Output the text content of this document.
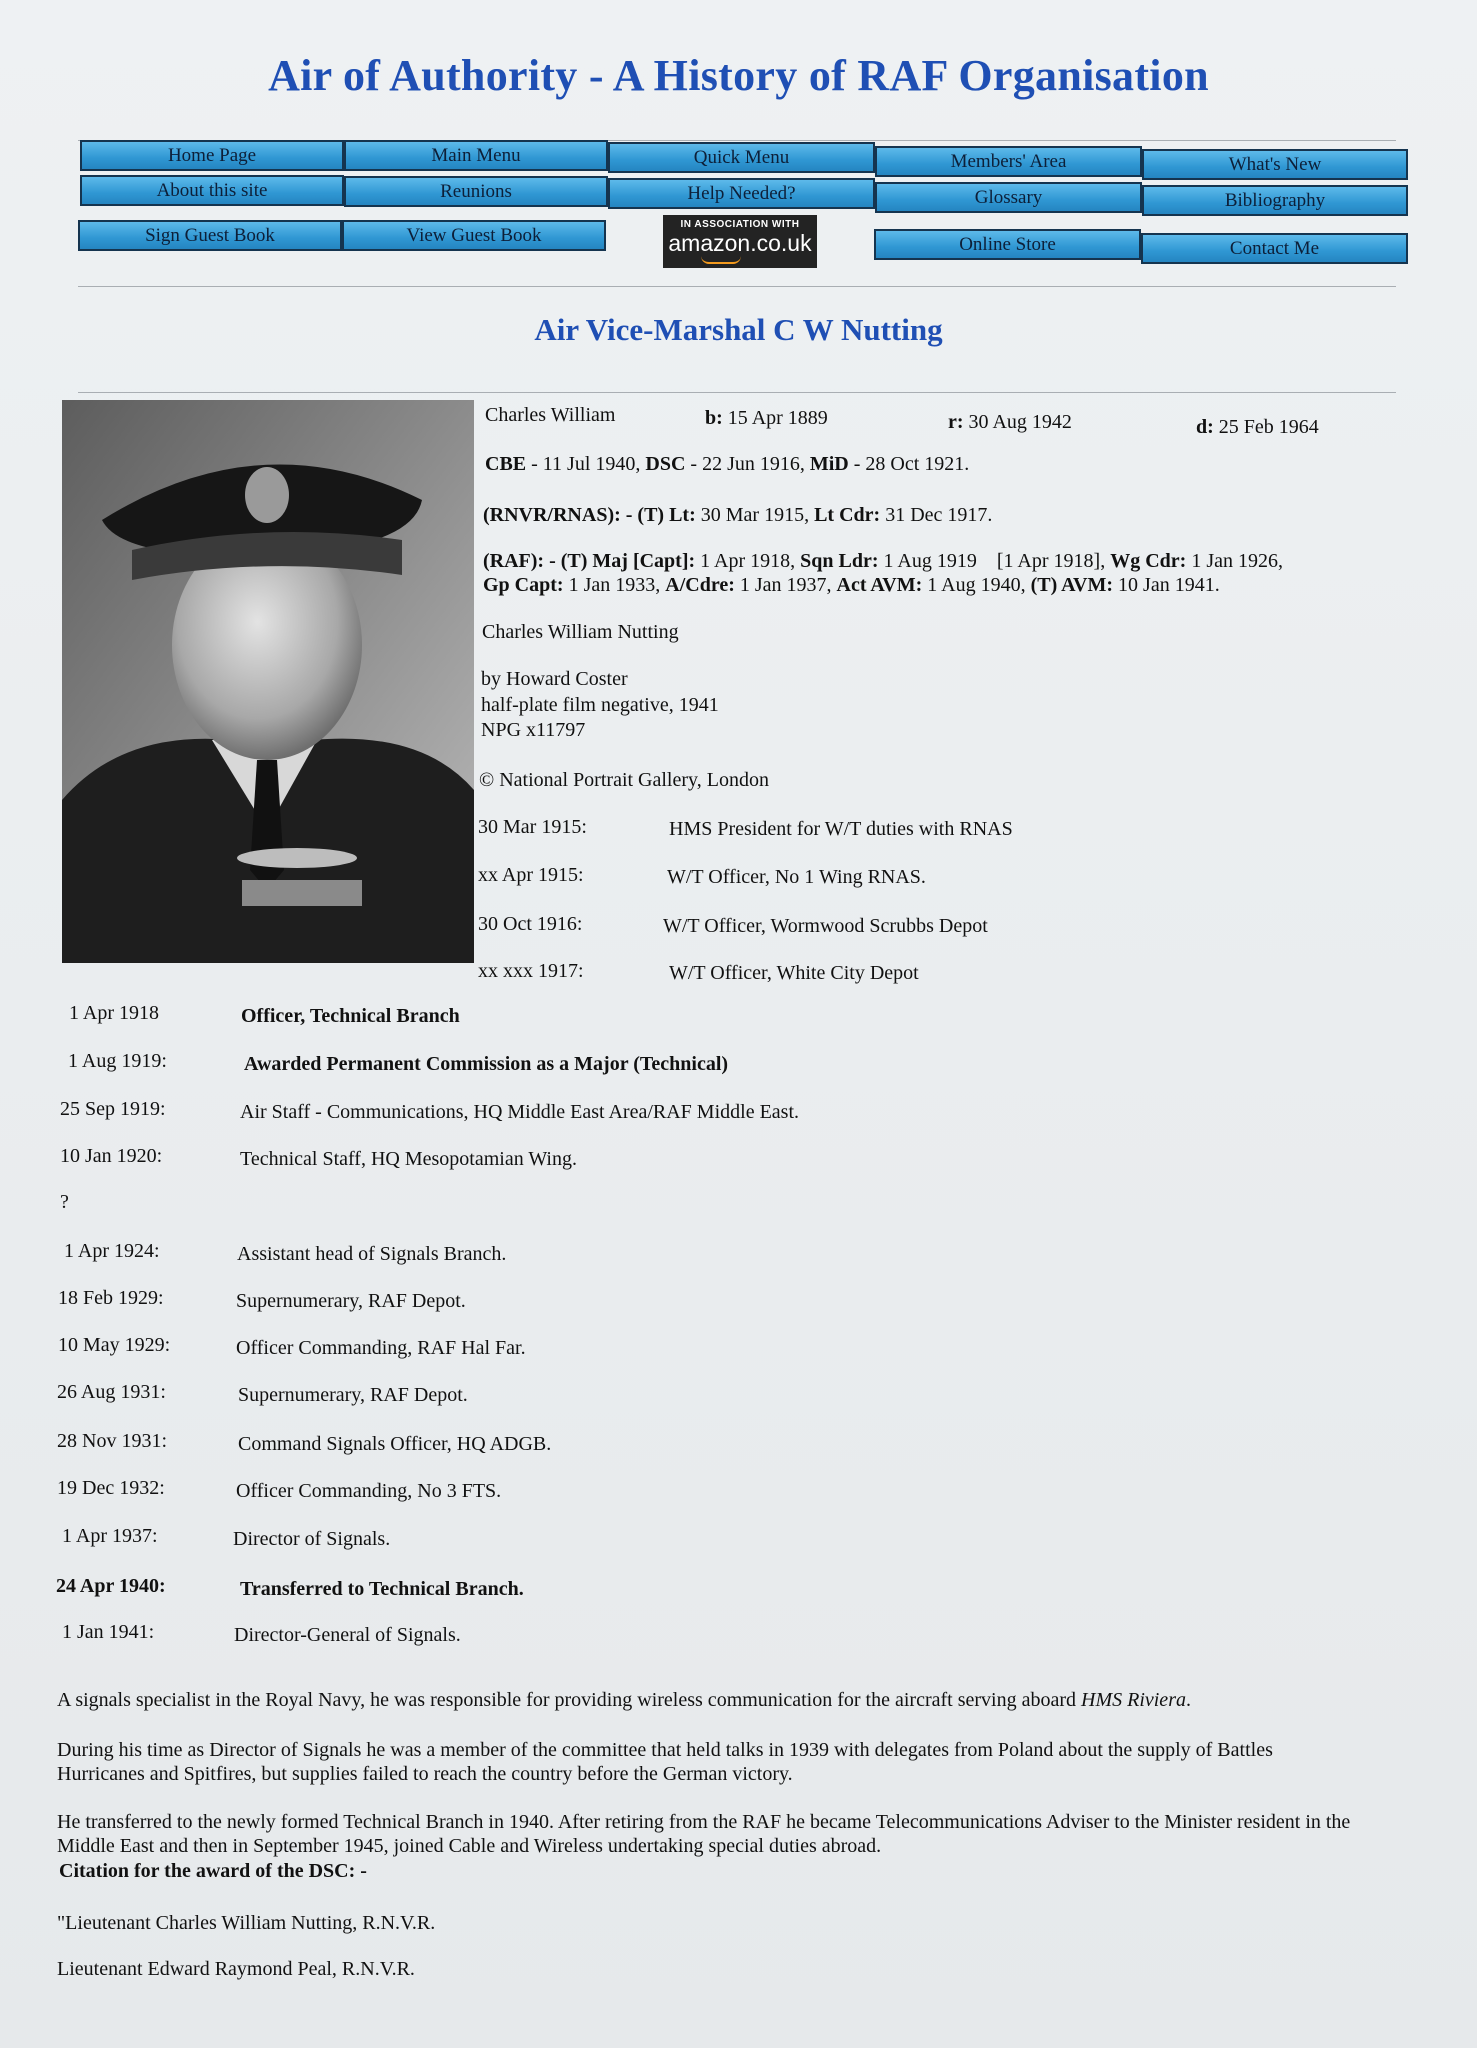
Air of Authority - A History of RAF Organisation
Home Page	Main Menu	Quick Menu	Members' Area	What's New
About this site	Reunions	Help Needed?	Glossary	Bibliography
Sign Guest Book	View Guest Book
IN ASSOCIATION WITH
amazon.co.uk	Online Store	Contact Me
Air Vice-Marshal C W Nutting
Charles William	b: 15 Apr 1889	r: 30 Aug 1942	d: 25 Feb 1964
CBE - 11 Jul 1940, DSC - 22 Jun 1916, MiD - 28 Oct 1921.
(RNVR/RNAS): - (T) Lt: 30 Mar 1915, Lt Cdr: 31 Dec 1917.
(RAF): - (T) Maj [Capt]: 1 Apr 1918, Sqn Ldr: 1 Aug 1919    [1 Apr 1918], Wg Cdr: 1 Jan 1926,
Gp Capt: 1 Jan 1933, A/Cdre: 1 Jan 1937, Act AVM: 1 Aug 1940, (T) AVM: 10 Jan 1941.
Charles William Nutting
by Howard Coster
half-plate film negative, 1941
NPG x11797
© National Portrait Gallery, London
30 Mar 1915:	HMS President for W/T duties with RNAS
xx Apr 1915:	W/T Officer, No 1 Wing RNAS.
30 Oct 1916:	W/T Officer, Wormwood Scrubbs Depot
xx xxx 1917:	W/T Officer, White City Depot
1 Apr 1918	Officer, Technical Branch
1 Aug 1919:	Awarded Permanent Commission as a Major (Technical)
25 Sep 1919:	Air Staff - Communications, HQ Middle East Area/RAF Middle East.
10 Jan 1920:	Technical Staff, HQ Mesopotamian Wing.
?
1 Apr 1924:	Assistant head of Signals Branch.
18 Feb 1929:	Supernumerary, RAF Depot.
10 May 1929:	Officer Commanding, RAF Hal Far.
26 Aug 1931:	Supernumerary, RAF Depot.
28 Nov 1931:	Command Signals Officer, HQ ADGB.
19 Dec 1932:	Officer Commanding, No 3 FTS.
1 Apr 1937:	Director of Signals.
24 Apr 1940:	Transferred to Technical Branch.
1 Jan 1941:	Director-General of Signals.
A signals specialist in the Royal Navy, he was responsible for providing wireless communication for the aircraft serving aboard HMS Riviera.
During his time as Director of Signals he was a member of the committee that held talks in 1939 with delegates from Poland about the supply of Battles Hurricanes and Spitfires, but supplies failed to reach the country before the German victory.
He transferred to the newly formed Technical Branch in 1940. After retiring from the RAF he became Telecommunications Adviser to the Minister resident in the Middle East and then in September 1945, joined Cable and Wireless undertaking special duties abroad.
Citation for the award of the DSC: -
"Lieutenant Charles William Nutting, R.N.V.R.
Lieutenant Edward Raymond Peal, R.N.V.R.
